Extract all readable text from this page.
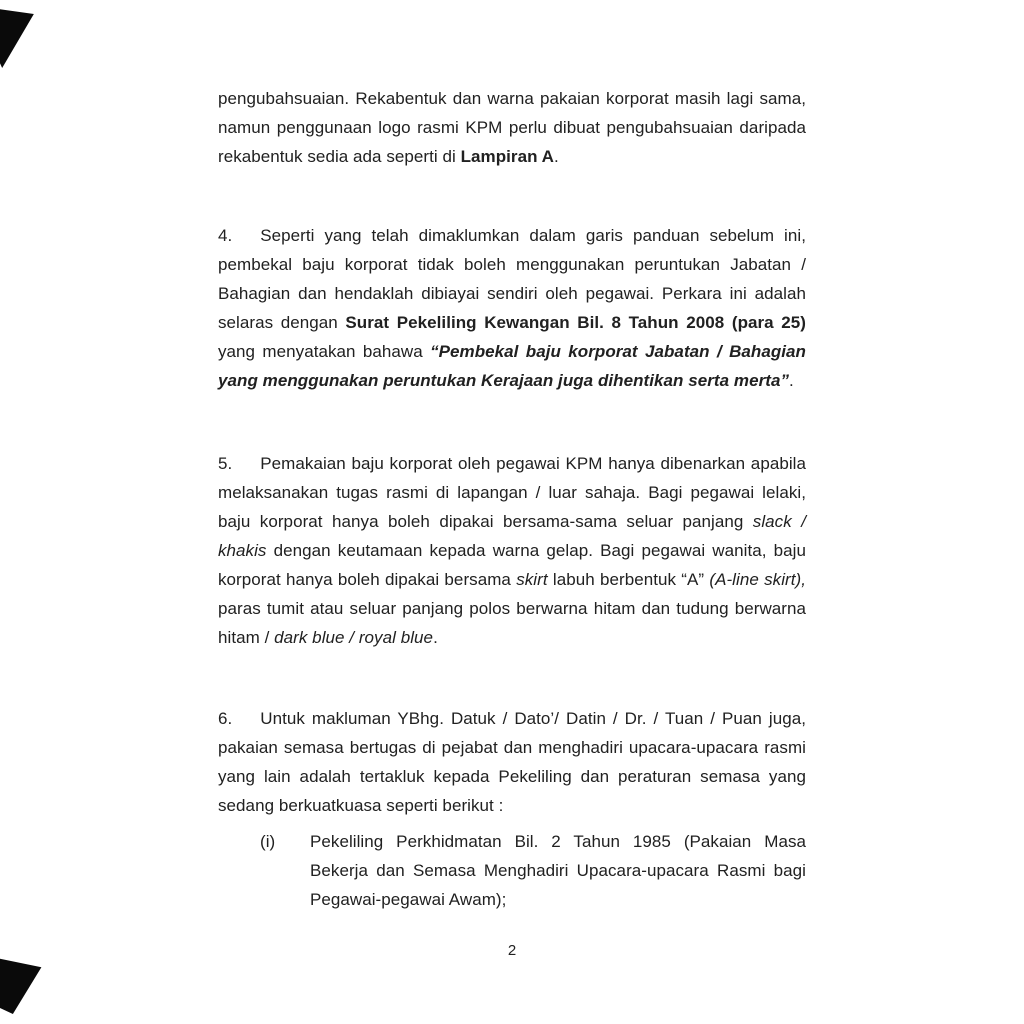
pengubahsuaian. Rekabentuk dan warna pakaian korporat masih lagi sama, namun penggunaan logo rasmi KPM perlu dibuat pengubahsuaian daripada rekabentuk sedia ada seperti di Lampiran A.
4. Seperti yang telah dimaklumkan dalam garis panduan sebelum ini, pembekal baju korporat tidak boleh menggunakan peruntukan Jabatan / Bahagian dan hendaklah dibiayai sendiri oleh pegawai. Perkara ini adalah selaras dengan Surat Pekeliling Kewangan Bil. 8 Tahun 2008 (para 25) yang menyatakan bahawa “Pembekal baju korporat Jabatan / Bahagian yang menggunakan peruntukan Kerajaan juga dihentikan serta merta”.
5. Pemakaian baju korporat oleh pegawai KPM hanya dibenarkan apabila melaksanakan tugas rasmi di lapangan / luar sahaja. Bagi pegawai lelaki, baju korporat hanya boleh dipakai bersama-sama seluar panjang slack / khakis dengan keutamaan kepada warna gelap. Bagi pegawai wanita, baju korporat hanya boleh dipakai bersama skirt labuh berbentuk “A” (A-line skirt), paras tumit atau seluar panjang polos berwarna hitam dan tudung berwarna hitam / dark blue / royal blue.
6. Untuk makluman YBhg. Datuk / Dato’/ Datin / Dr. / Tuan / Puan juga, pakaian semasa bertugas di pejabat dan menghadiri upacara-upacara rasmi yang lain adalah tertakluk kepada Pekeliling dan peraturan semasa yang sedang berkuatkuasa seperti berikut :
(i) Pekeliling Perkhidmatan Bil. 2 Tahun 1985 (Pakaian Masa Bekerja dan Semasa Menghadiri Upacara-upacara Rasmi bagi Pegawai-pegawai Awam);
2
